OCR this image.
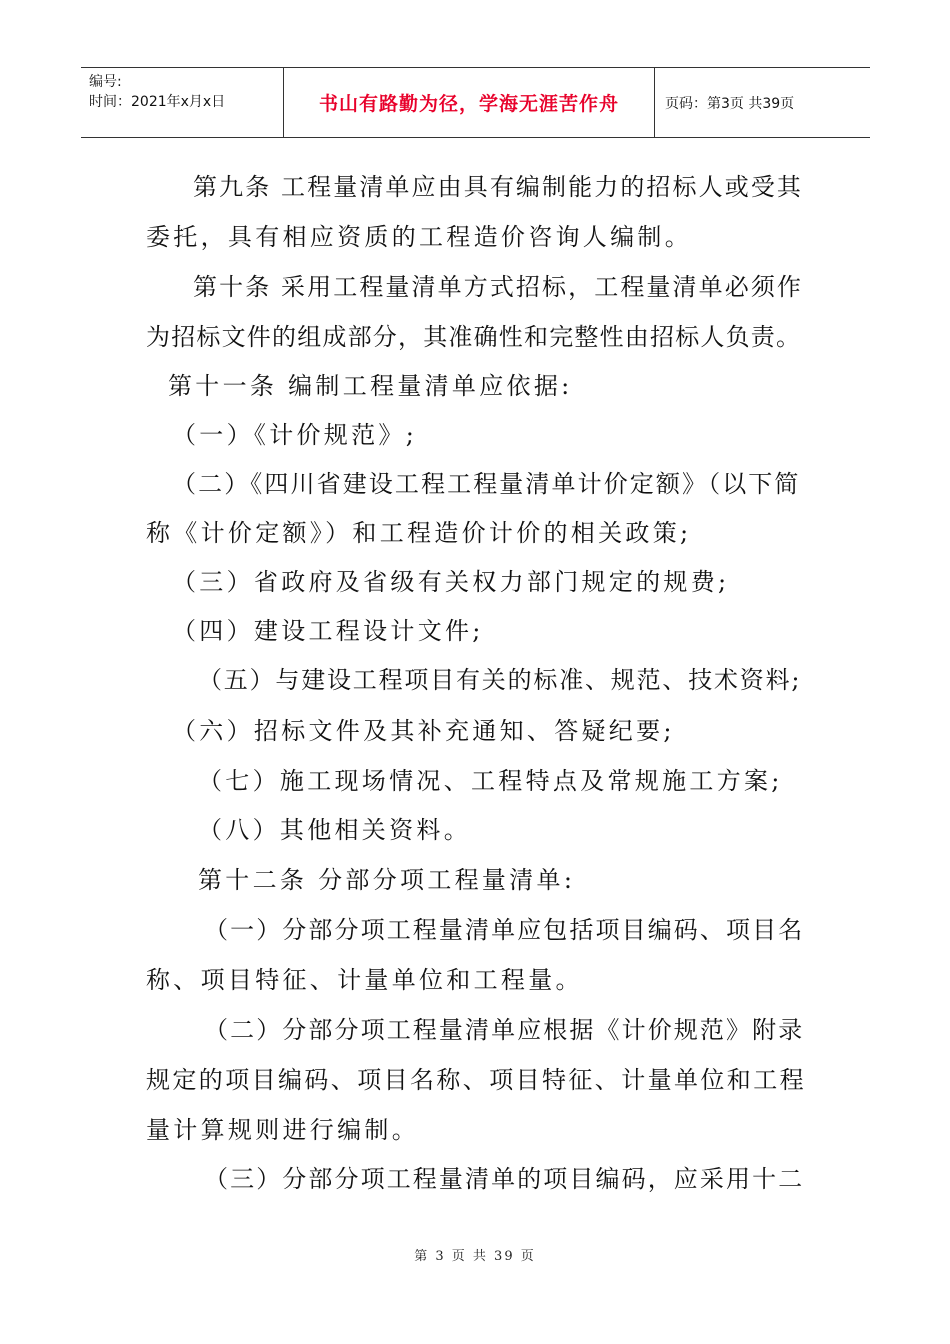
编号:
时间：2021年x月x日	书山有路勤为径，学海无涯苦作舟	页码：第3页 共39页
第九条 工程量清单应由具有编制能力的招标人或受其
委托，具有相应资质的工程造价咨询人编制。
第十条 采用工程量清单方式招标，工程量清单必须作
为招标文件的组成部分，其准确性和完整性由招标人负责。
第十一条 编制工程量清单应依据:
（一）《计价规范》;
（二）《四川省建设工程工程量清单计价定额》（以下简
称《计价定额》）和工程造价计价的相关政策;
（三）省政府及省级有关权力部门规定的规费;
（四）建设工程设计文件;
（五）与建设工程项目有关的标准、规范、技术资料;
（六）招标文件及其补充通知、答疑纪要;
（七）施工现场情况、工程特点及常规施工方案;
（八）其他相关资料。
第十二条 分部分项工程量清单:
（一）分部分项工程量清单应包括项目编码、项目名
称、项目特征、计量单位和工程量。
（二）分部分项工程量清单应根据《计价规范》附录
规定的项目编码、项目名称、项目特征、计量单位和工程
量计算规则进行编制。
（三）分部分项工程量清单的项目编码，应采用十二
第 3 页 共 39 页
